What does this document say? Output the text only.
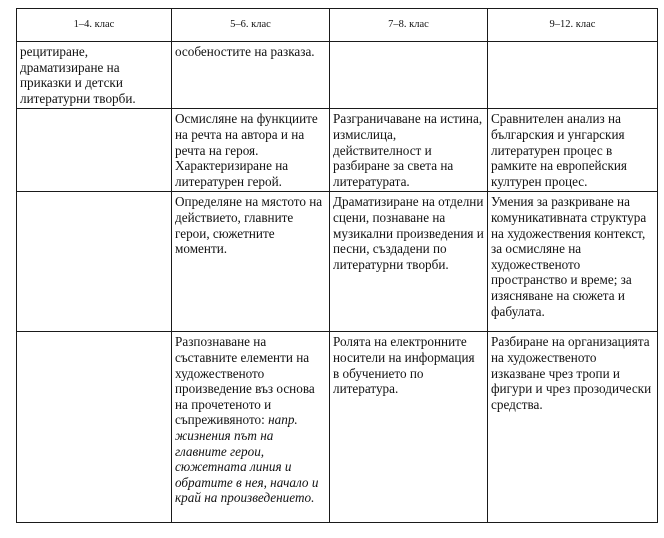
1–4. клас	5–6. клас	7–8. клас	9–12. клас
рецитиране, драматизиране на приказки и детски литературни творби.	особеностите на разказа.		
	Осмисляне на функциите на речта на автора и на речта на героя. Характеризиране на литературен герой.	Разграничаване на истина, измислица, действителност и разбиране за света на литературата.	Сравнителен анализ на българския и унгарския литературен процес в рамките на европейския културен процес.
	Определяне на мястото на действието, главните герои, сюжетните моменти.	Драматизиране на отделни сцени, познаване на музикални произведения и песни, създадени по литературни творби.	Умения за разкриване на комуникативната структура на художествения контекст, за осмисляне на художественото пространство и време; за изясняване на сюжета и фабулата.
	Разпознаване на съставните елементи на художественото произведение въз основа на прочетеното и съпреживяното: напр. жизнения път на главните герои, сюжетната линия и обратите в нея, начало и край на произведението.	Ролята на електронните носители на информация в обучението по литература.	Разбиране на организацията на художественото изказване чрез тропи и фигури и чрез прозодически средства.
